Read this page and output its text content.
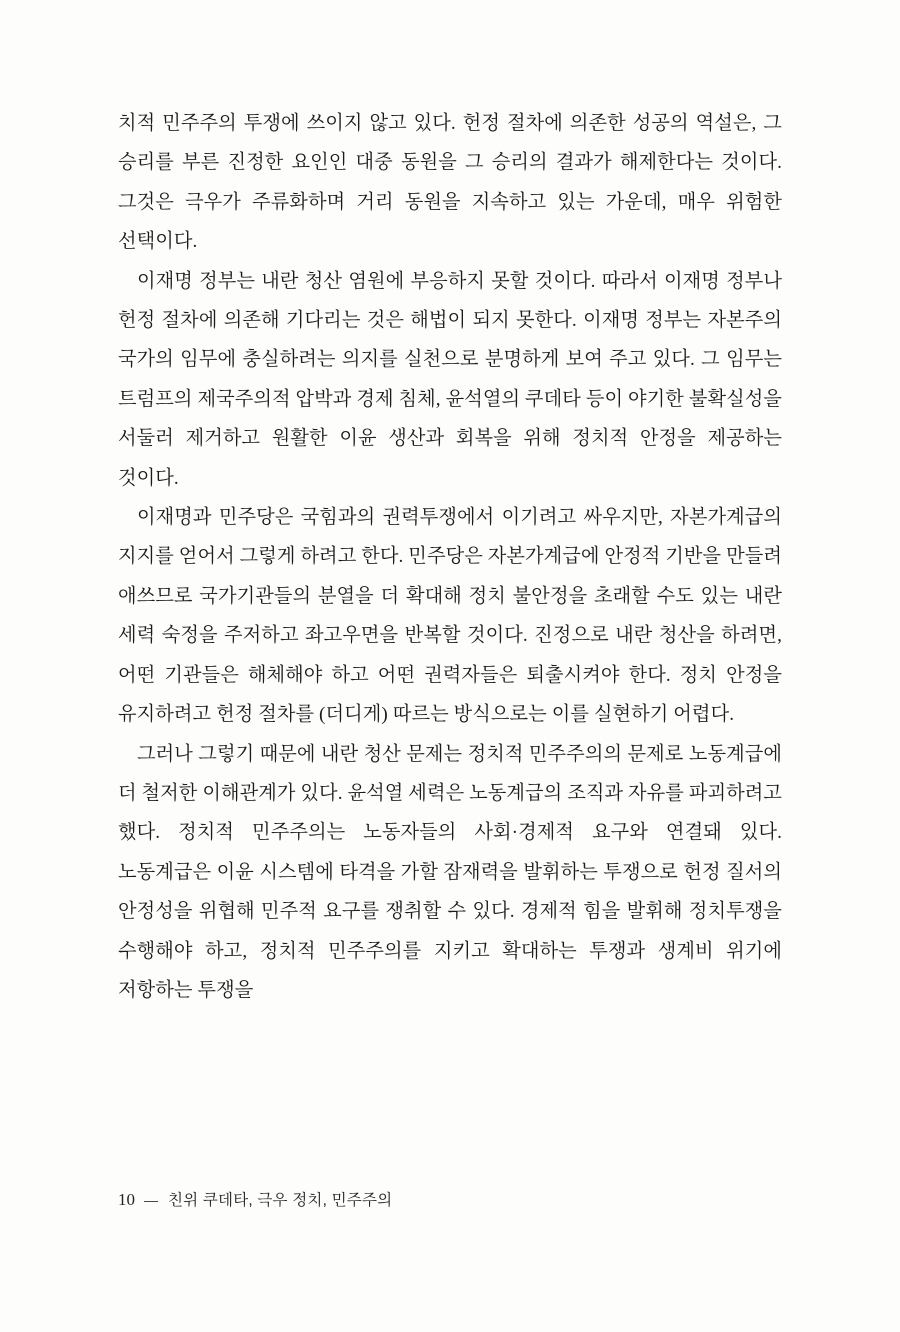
치적 민주주의 투쟁에 쓰이지 않고 있다. 헌정 절차에 의존한 성공의 역설은, 그 승리를 부른 진정한 요인인 대중 동원을 그 승리의 결과가 해제한다는 것이다. 그것은 극우가 주류화하며 거리 동원을 지속하고 있는 가운데, 매우 위험한 선택이다.

이재명 정부는 내란 청산 염원에 부응하지 못할 것이다. 따라서 이재명 정부나 헌정 절차에 의존해 기다리는 것은 해법이 되지 못한다. 이재명 정부는 자본주의 국가의 임무에 충실하려는 의지를 실천으로 분명하게 보여 주고 있다. 그 임무는 트럼프의 제국주의적 압박과 경제 침체, 윤석열의 쿠데타 등이 야기한 불확실성을 서둘러 제거하고 원활한 이윤 생산과 회복을 위해 정치적 안정을 제공하는 것이다.

이재명과 민주당은 국힘과의 권력투쟁에서 이기려고 싸우지만, 자본가계급의 지지를 얻어서 그렇게 하려고 한다. 민주당은 자본가계급에 안정적 기반을 만들려 애쓰므로 국가기관들의 분열을 더 확대해 정치 불안정을 초래할 수도 있는 내란 세력 숙정을 주저하고 좌고우면을 반복할 것이다. 진정으로 내란 청산을 하려면, 어떤 기관들은 해체해야 하고 어떤 권력자들은 퇴출시켜야 한다. 정치 안정을 유지하려고 헌정 절차를 (더디게) 따르는 방식으로는 이를 실현하기 어렵다.

그러나 그렇기 때문에 내란 청산 문제는 정치적 민주주의의 문제로 노동계급에 더 철저한 이해관계가 있다. 윤석열 세력은 노동계급의 조직과 자유를 파괴하려고 했다. 정치적 민주주의는 노동자들의 사회·경제적 요구와 연결돼 있다. 노동계급은 이윤 시스템에 타격을 가할 잠재력을 발휘하는 투쟁으로 헌정 질서의 안정성을 위협해 민주적 요구를 쟁취할 수 있다. 경제적 힘을 발휘해 정치투쟁을 수행해야 하고, 정치적 민주주의를 지키고 확대하는 투쟁과 생계비 위기에 저항하는 투쟁을

10 — 친위 쿠데타, 극우 정치, 민주주의
